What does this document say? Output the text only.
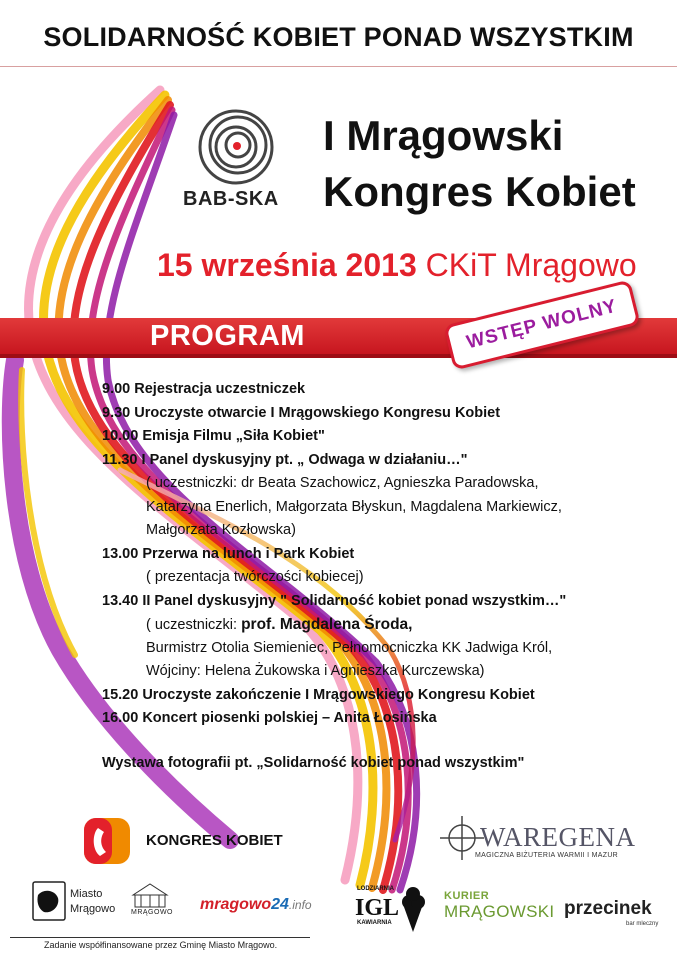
SOLIDARNOŚĆ KOBIET PONAD WSZYSTKIM
BAB-SKA
I Mrągowski
Kongres Kobiet
15 września 2013 CKiT Mrągowo
PROGRAM	WSTĘP WOLNY
9.00 Rejestracja uczestniczek
9.30 Uroczyste otwarcie I Mrągowskiego Kongresu Kobiet
10.00 Emisja Filmu „Siła Kobiet"
11.30 I Panel dyskusyjny pt. „ Odwaga w działaniu…"
( uczestniczki: dr Beata Szachowicz, Agnieszka Paradowska,
Katarzyna Enerlich, Małgorzata Błyskun, Magdalena Markiewicz,
Małgorzata Kozłowska)
13.00 Przerwa na lunch i Park Kobiet
( prezentacja twórczości kobiecej)
13.40 II Panel dyskusyjny " Solidarność kobiet ponad wszystkim…"
( uczestniczki: prof. Magdalena Środa,
Burmistrz Otolia Siemieniec, Pełnomocniczka KK Jadwiga Król,
Wójciny: Helena Żukowska i Agnieszka Kurczewska)
15.20 Uroczyste zakończenie I Mrągowskiego Kongresu Kobiet
16.00 Koncert piosenki polskiej – Anita Łosińska
Wystawa fotografii pt. „Solidarność kobiet ponad wszystkim"
KONGRES KOBIET	WAREGENA
MAGICZNA BIŻUTERIA WARMII I MAZUR
Miasto
Mrągowo MRĄGOWO mragowo24.info
LODZIARNIA
IGL
KAWIARNIA
KURIER
MRĄGOWSKI przecinek
bar mleczny
Zadanie współfinansowane przez Gminę Miasto Mrągowo.
